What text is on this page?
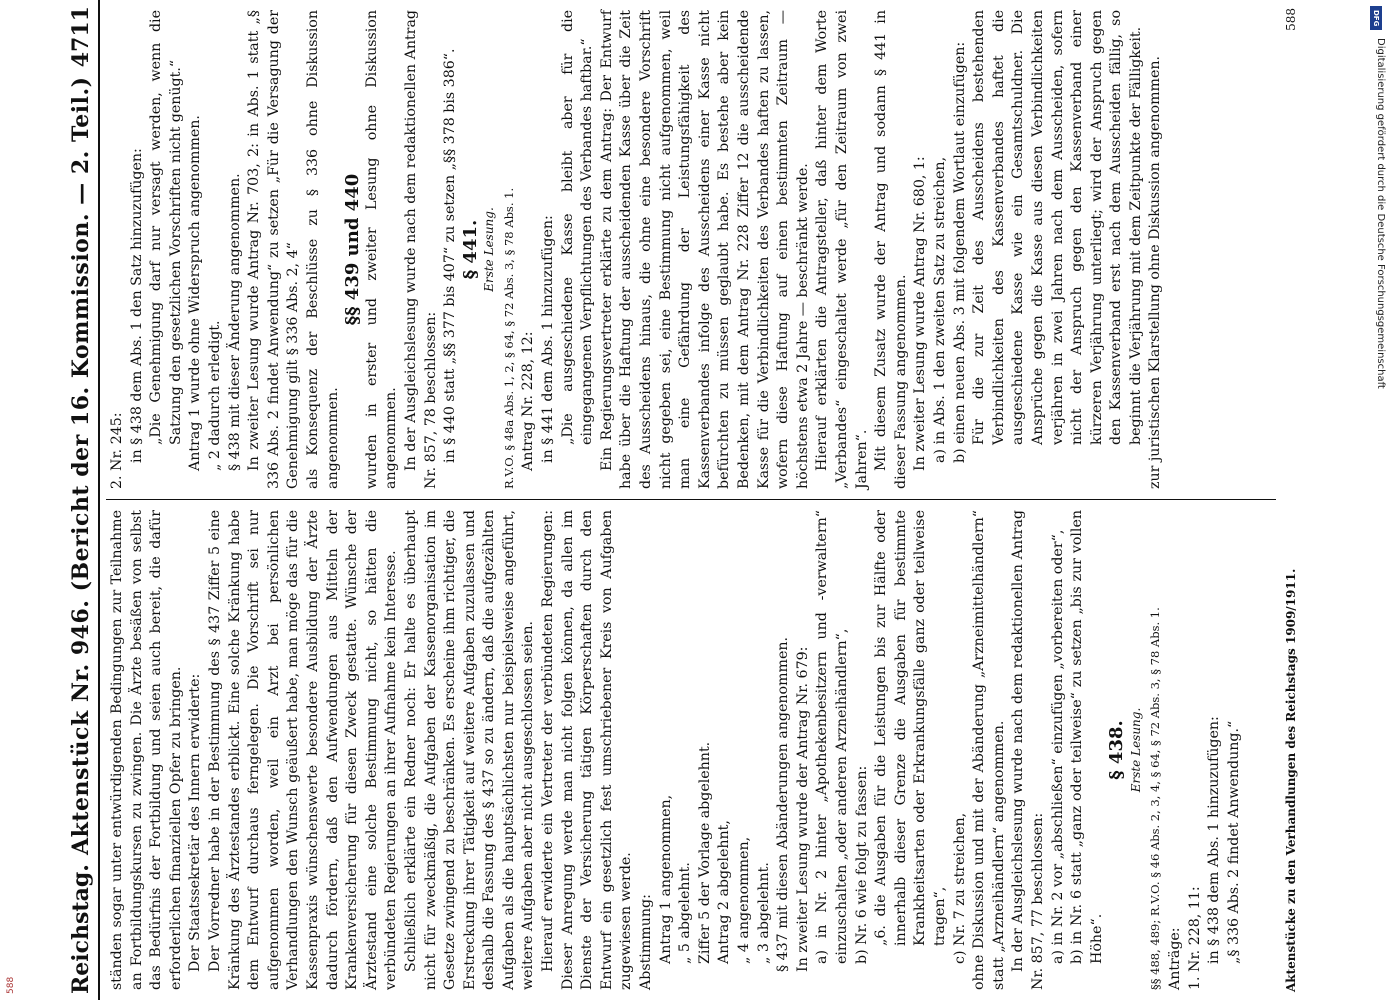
Reichstag.
Aktenstück Nr. 946. (Bericht der 16. Kommission. — 2. Teil.)
4711

ständen sogar unter entwürdigenden Bedingungen zur Teilnahme an Fortbildungskursen zu zwingen. Die Ärzte besäßen von selbst das Bedürfnis der Fortbildung und seien auch bereit, die dafür erforderlichen finanziellen Opfer zu bringen. Der Staatssekretär des Innern erwiderte: Der Vorredner habe in der Bestimmung des § 437 Ziffer 5 eine Kränkung des Ärztestandes erblickt. Eine solche Kränkung habe dem Entwurf durchaus ferngelegen. Die Vorschrift sei nur aufgenommen worden, weil ein Arzt bei persönlichen Verhandlungen den Wunsch geäußert habe, man möge das für die Kassenpraxis wünschenswerte besondere Ausbildung der Ärzte dadurch fördern, daß den Aufwendungen aus Mitteln der Krankenversicherung für diesen Zweck gestatte. Wünsche der Ärztestand eine solche Bestimmung nicht, so hätten die verbündeten Regierungen an ihrer Aufnahme kein Interesse. Schließlich erklärte ein Redner noch: Er halte es überhaupt nicht für zweckmäßig, die Aufgaben der Kassenorganisation im Gesetze zwingend zu beschränken. Es erscheine ihm richtiger, die Erstreckung ihrer Tätigkeit auf weitere Aufgaben zuzulassen und deshalb die Fassung des § 437 so zu ändern, daß die aufgezählten Aufgaben als die hauptsächlichsten nur beispielsweise angeführt, weitere Aufgaben aber nicht ausgeschlossen seien. Hierauf erwiderte ein Vertreter der verbündeten Regierungen: Dieser Anregung werde man nicht folgen können, da allen im Dienste der Versicherung tätigen Körperschaften durch den Entwurf ein gesetzlich fest umschriebener Kreis von Aufgaben zugewiesen werde. Abstimmung: Antrag 1 angenommen, „ 5 abgelehnt. Ziffer 5 der Vorlage abgelehnt. Antrag 2 abgelehnt, „ 4 angenommen, „ 3 abgelehnt. § 437 mit diesen Abänderungen angenommen. In zweiter Lesung wurde der Antrag Nr. 679: a) in Nr. 2 hinter „Apothekenbesitzern und -verwaltern“ einzuschalten „oder anderen Arzneihändlern“, b) Nr. 6 wie folgt zu fassen: „6. die Ausgaben für die Leistungen bis zur Hälfte oder innerhalb dieser Grenze die Ausgaben für bestimmte Krankheitsarten oder Erkrankungsfälle ganz oder teilweise tragen“, c) Nr. 7 zu streichen, ohne Diskussion und mit der Abänderung „Arzneimittelhändlern“ statt „Arzneihändlern“ angenommen. In der Ausgleichslesung wurde nach dem redaktionellen Antrag Nr. 857, 77 beschlossen: a) in Nr. 2 vor „abschließen“ einzufügen „vorbereiten oder“, b) in Nr. 6 statt „ganz oder teilweise“ zu setzen „bis zur vollen Höhe“.

§ 438. Erste Lesung. §§ 488, 489; R.V.O. § 46 Abs. 2, 3, 4, § 64, § 72 Abs. 3, § 78 Abs. 1. Anträge: 1. Nr. 228, 11: in § 438 dem Abs. 1 hinzuzufügen: „§ 336 Abs. 2 findet Anwendung.“

2. Nr. 245: in § 438 dem Abs. 1 den Satz hinzuzufügen: „Die Genehmigung darf nur versagt werden, wenn die Satzung den gesetzlichen Vorschriften nicht genügt.“ Antrag 1 wurde ohne Widerspruch angenommen. „ 2 dadurch erledigt. § 438 mit dieser Änderung angenommen. In zweiter Lesung wurde Antrag Nr. 703, 2: in Abs. 1 statt „§ 336 Abs. 2 findet Anwendung“ zu setzen „Für die Versagung der Genehmigung gilt § 336 Abs. 2, 4“ als Konsequenz der Beschlüsse zu § 336 ohne Diskussion angenommen.

§§ 439 und 440 wurden in erster und zweiter Lesung ohne Diskussion angenommen. In der Ausgleichslesung wurde nach dem redaktionellen Antrag Nr. 857, 78 beschlossen: in § 440 statt „§§ 377 bis 407“ zu setzen „§§ 378 bis 386“. § 441. Erste Lesung. R.V.O. § 48a Abs. 1, 2, § 64, § 72 Abs. 3, § 78 Abs. 1. Antrag Nr. 228, 12: in § 441 dem Abs. 1 hinzuzufügen: „Die ausgeschiedene Kasse bleibt aber für die eingegangenen Verpflichtungen des Verbandes haftbar.“ Ein Regierungsvertreter erklärte zu dem Antrag: Der Entwurf habe über die Haftung der ausscheidenden Kasse über die Zeit des Ausscheidens hinaus, die ohne eine besondere Vorschrift nicht gegeben sei, eine Bestimmung nicht aufgenommen, weil man eine Gefährdung der Leistungsfähigkeit des Kassenverbandes infolge des Ausscheidens einer Kasse nicht befürchten zu müssen geglaubt habe. Es bestehe aber kein Bedenken, mit dem Antrag Nr. 228 Ziffer 12 die ausscheidende Kasse für die Verbindlichkeiten des Verbandes haften zu lassen, wofern diese Haftung auf einen bestimmten Zeitraum — höchstens etwa 2 Jahre — beschränkt werde. Hierauf erklärten die Antragsteller, daß hinter dem Worte „Verbandes“ eingeschaltet werde „für den Zeitraum von zwei Jahren“. Mit diesem Zusatz wurde der Antrag und sodann § 441 in dieser Fassung angenommen. In zweiter Lesung wurde Antrag Nr. 680, 1: a) in Abs. 1 den zweiten Satz zu streichen, b) einen neuen Abs. 3 mit folgendem Wortlaut einzufügen: Für die zur Zeit des Ausscheidens bestehenden Verbindlichkeiten des Kassenverbandes haftet die ausgeschiedene Kasse wie ein Gesamtschuldner. Die Ansprüche gegen die Kasse aus diesen Verbindlichkeiten verjähren in zwei Jahren nach dem Ausscheiden, sofern nicht der Anspruch gegen den Kassenverband einer kürzeren Verjährung unterliegt; wird der Anspruch gegen den Kassenverband erst nach dem Ausscheiden fällig, so beginnt die Verjährung mit dem Zeitpunkte der Fälligkeit. zur juristischen Klarstellung ohne Diskussion angenommen.

Aktenstücke zu den Verhandlungen des Reichstags 1909/1911.
588	DFG
Digitalisierung gefördert durch die Deutsche Forschungsgemeinschaft
588
